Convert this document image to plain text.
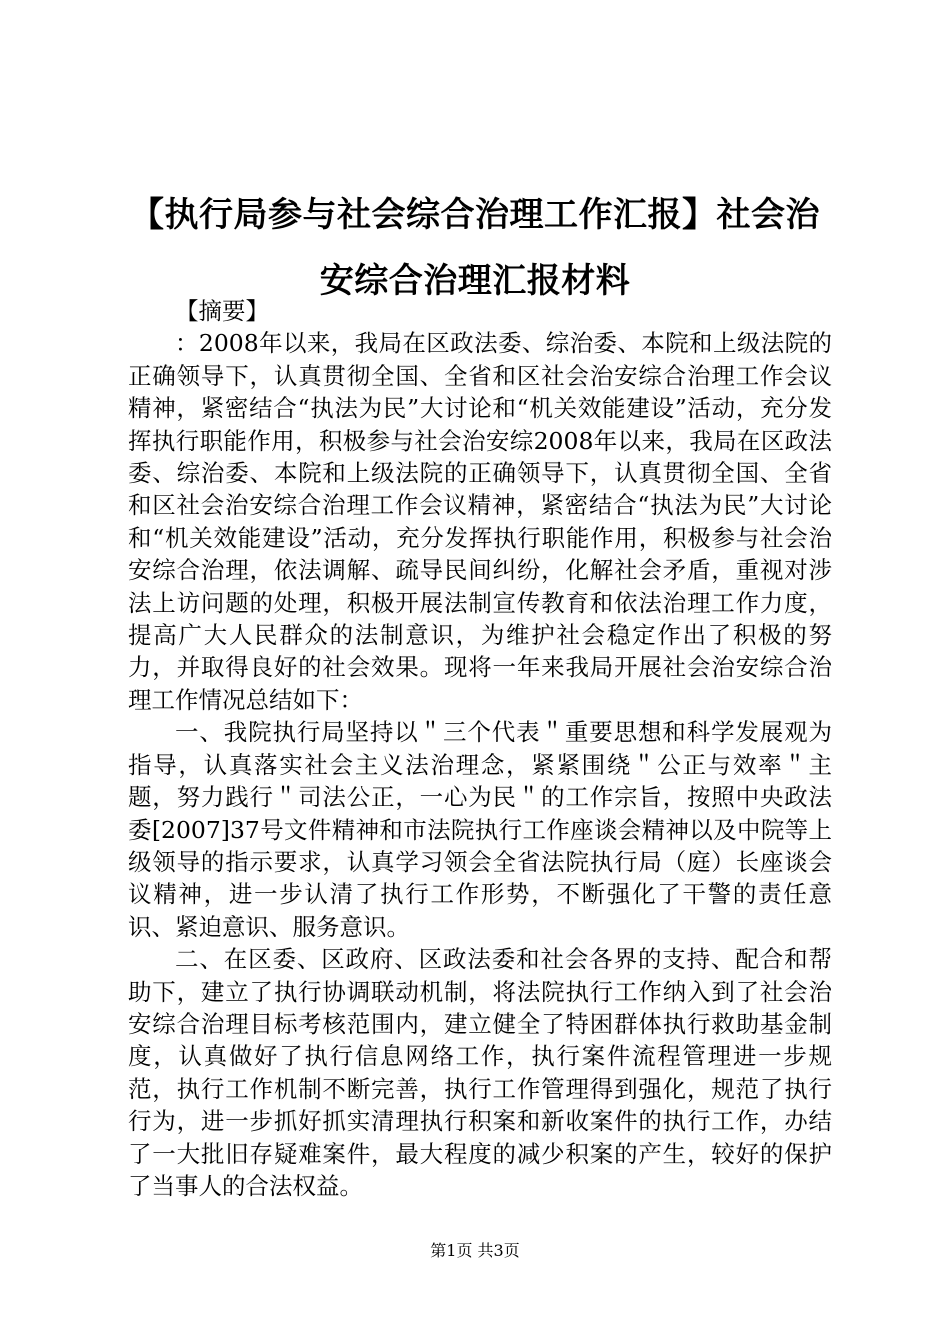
【执行局参与社会综合治理工作汇报】社会治安综合治理汇报材料

【摘要】

：2008年以来，我局在区政法委、综治委、本院和上级法院的正确领导下，认真贯彻全国、全省和区社会治安综合治理工作会议精神，紧密结合“执法为民”大讨论和“机关效能建设”活动，充分发挥执行职能作用，积极参与社会治安综2008年以来，我局在区政法委、综治委、本院和上级法院的正确领导下，认真贯彻全国、全省和区社会治安综合治理工作会议精神，紧密结合“执法为民”大讨论和“机关效能建设”活动，充分发挥执行职能作用，积极参与社会治安综合治理，依法调解、疏导民间纠纷，化解社会矛盾，重视对涉法上访问题的处理，积极开展法制宣传教育和依法治理工作力度，提高广大人民群众的法制意识，为维护社会稳定作出了积极的努力，并取得良好的社会效果。现将一年来我局开展社会治安综合治理工作情况总结如下：

一、我院执行局坚持以＂三个代表＂重要思想和科学发展观为指导，认真落实社会主义法治理念，紧紧围绕＂公正与效率＂主题，努力践行＂司法公正，一心为民＂的工作宗旨，按照中央政法委[2007]37号文件精神和市法院执行工作座谈会精神以及中院等上级领导的指示要求，认真学习领会全省法院执行局（庭）长座谈会议精神，进一步认清了执行工作形势，不断强化了干警的责任意识、紧迫意识、服务意识。

二、在区委、区政府、区政法委和社会各界的支持、配合和帮助下，建立了执行协调联动机制，将法院执行工作纳入到了社会治安综合治理目标考核范围内，建立健全了特困群体执行救助基金制度，认真做好了执行信息网络工作，执行案件流程管理进一步规范，执行工作机制不断完善，执行工作管理得到强化，规范了执行行为，进一步抓好抓实清理执行积案和新收案件的执行工作，办结了一大批旧存疑难案件，最大程度的减少积案的产生，较好的保护了当事人的合法权益。

第1页 共3页
